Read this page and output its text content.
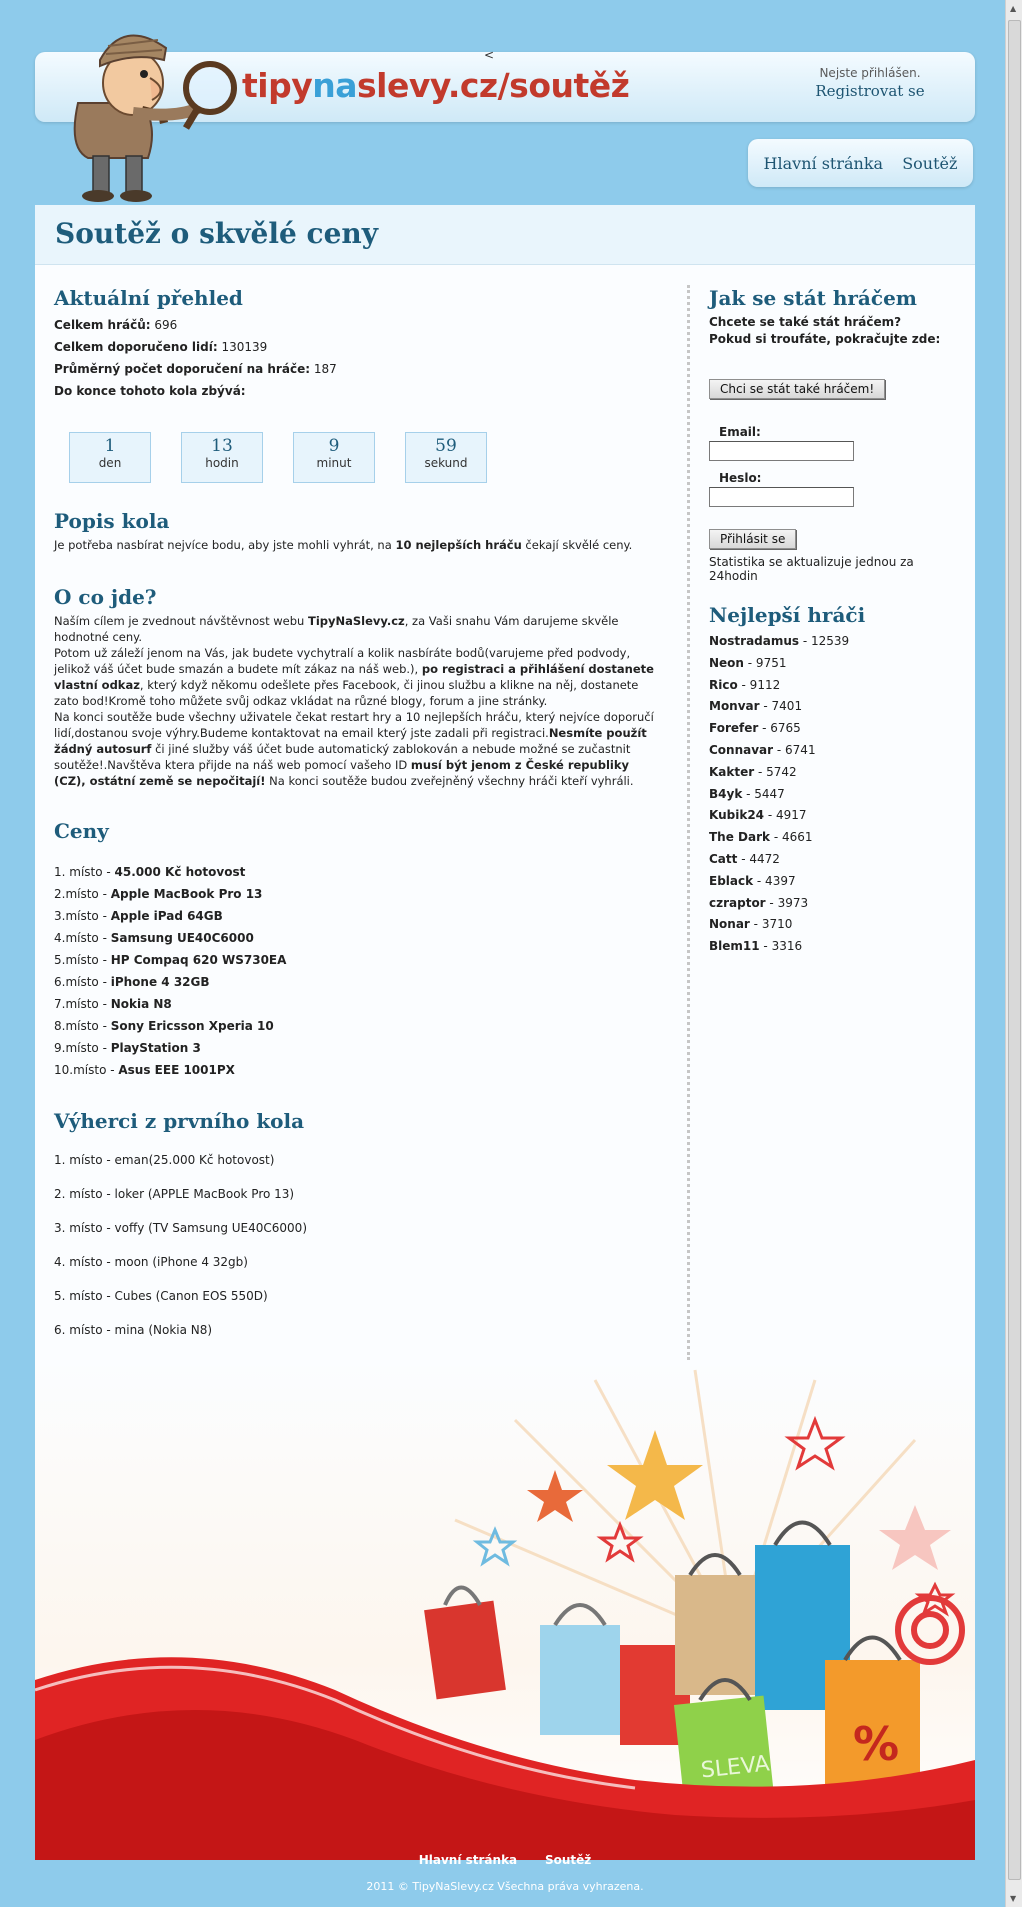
<
tipynaslevy.cz/soutěž	Nejste přihlášen.
Registrovat se
Hlavní stránka Soutěž
Soutěž o skvělé ceny
Aktuální přehled
Celkem hráčů: 696
Celkem doporučeno lidí: 130139
Průměrný počet doporučení na hráče: 187
Do konce tohoto kola zbývá:
1
den
13
hodin
9
minut
59
sekund
Popis kola

Je potřeba nasbírat nejvíce bodu, aby jste mohli vyhrát, na 10 nejlepších hráču čekají skvělé ceny.

O co jde?

Naším cílem je zvednout návštěvnost webu TipyNaSlevy.cz, za Vaši snahu Vám darujeme skvěle hodnotné ceny.

Potom už záleží jenom na Vás, jak budete vychytralí a kolik nasbíráte bodů(varujeme před podvody, jelikož váš účet bude smazán a budete mít zákaz na náš web.), po registraci a přihlášení dostanete vlastní odkaz, který když někomu odešlete přes Facebook, či jinou službu a klikne na něj, dostanete zato bod!Kromě toho můžete svůj odkaz vkládat na různé blogy, forum a jine stránky.

Na konci soutěže bude všechny uživatele čekat restart hry a 10 nejlepších hráču, který nejvíce doporučí lidí,dostanou svoje výhry.Budeme kontaktovat na email který jste zadali při registraci.Nesmíte použít žádný autosurf či jiné služby váš účet bude automatický zablokován a nebude možné se zučastnit soutěže!.Navštěva ktera přijde na náš web pomocí vašeho ID musí být jenom z České republiky (CZ), ostátní země se nepočitají! Na konci soutěže budou zveřejněný všechny hráči kteří vyhráli.

Ceny
1. místo - 45.000 Kč hotovost
2.místo - Apple MacBook Pro 13
3.místo - Apple iPad 64GB
4.místo - Samsung UE40C6000
5.místo - HP Compaq 620 WS730EA
6.místo - iPhone 4 32GB
7.místo - Nokia N8
8.místo - Sony Ericsson Xperia 10
9.místo - PlayStation 3
10.místo - Asus EEE 1001PX
Výherci z prvního kola
1. místo - eman(25.000 Kč hotovost)
2. místo - loker (APPLE MacBook Pro 13)
3. místo - voffy (TV Samsung UE40C6000)
4. místo - moon (iPhone 4 32gb)
5. místo - Cubes (Canon EOS 550D)
6. místo - mina (Nokia N8)
Jak se stát hráčem
Chcete se také stát hráčem?
Pokud si troufáte, pokračujte zde:
Chci se stát také hráčem!
Email:
Heslo:
Přihlásit se
Statistika se aktualizuje jednou za 24hodin
Nejlepší hráči
Nostradamus - 12539
Neon - 9751
Rico - 9112
Monvar - 7401
Forefer - 6765
Connavar - 6741
Kakter - 5742
B4yk - 5447
Kubik24 - 4917
The Dark - 4661
Catt - 4472
Eblack - 4397
czraptor - 3973
Nonar - 3710
Blem11 - 3316
SLEVA %
Hlavní stránka Soutěž
2011 © TipyNaSlevy.cz Všechna práva vyhrazena.
▲
▼
